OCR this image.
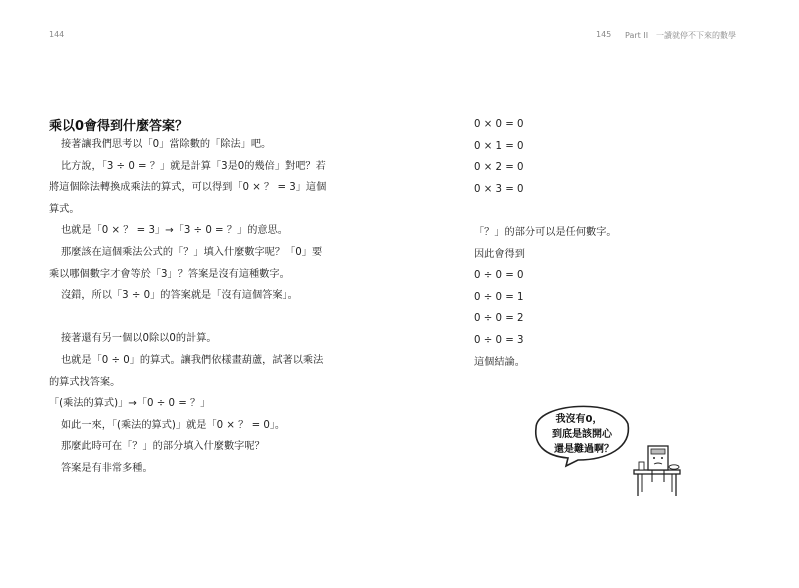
144	145 Part II　一讀就停不下來的數學
乘以0會得到什麼答案？
接著讓我們思考以「0」當除數的「除法」吧。
比方說，「3 ÷ 0 = ？」就是計算「3是0的幾倍」對吧？若
將這個除法轉換成乘法的算式，可以得到「0 × ？ = 3」這個
算式。
也就是「0 × ？ = 3」→「3 ÷ 0 = ？」的意思。
那麼該在這個乘法公式的「？」填入什麼數字呢？「0」要
乘以哪個數字才會等於「3」？答案是沒有這種數字。
沒錯，所以「3 ÷ 0」的答案就是「沒有這個答案」。
接著還有另一個以0除以0的計算。
也就是「0 ÷ 0」的算式。讓我們依樣畫葫蘆，試著以乘法
的算式找答案。
「(乘法的算式)」→「0 ÷ 0 = ？」
如此一來，「(乘法的算式)」就是「0 × ？ = 0」。
那麼此時可在「？」的部分填入什麼數字呢？
答案是有非常多種。
0 × 0 = 0
0 × 1 = 0
0 × 2 = 0
0 × 3 = 0
「？」的部分可以是任何數字。
因此會得到
0 ÷ 0 = 0
0 ÷ 0 = 1
0 ÷ 0 = 2
0 ÷ 0 = 3
這個結論。
我沒有0，
到底是該開心
還是難過啊？
